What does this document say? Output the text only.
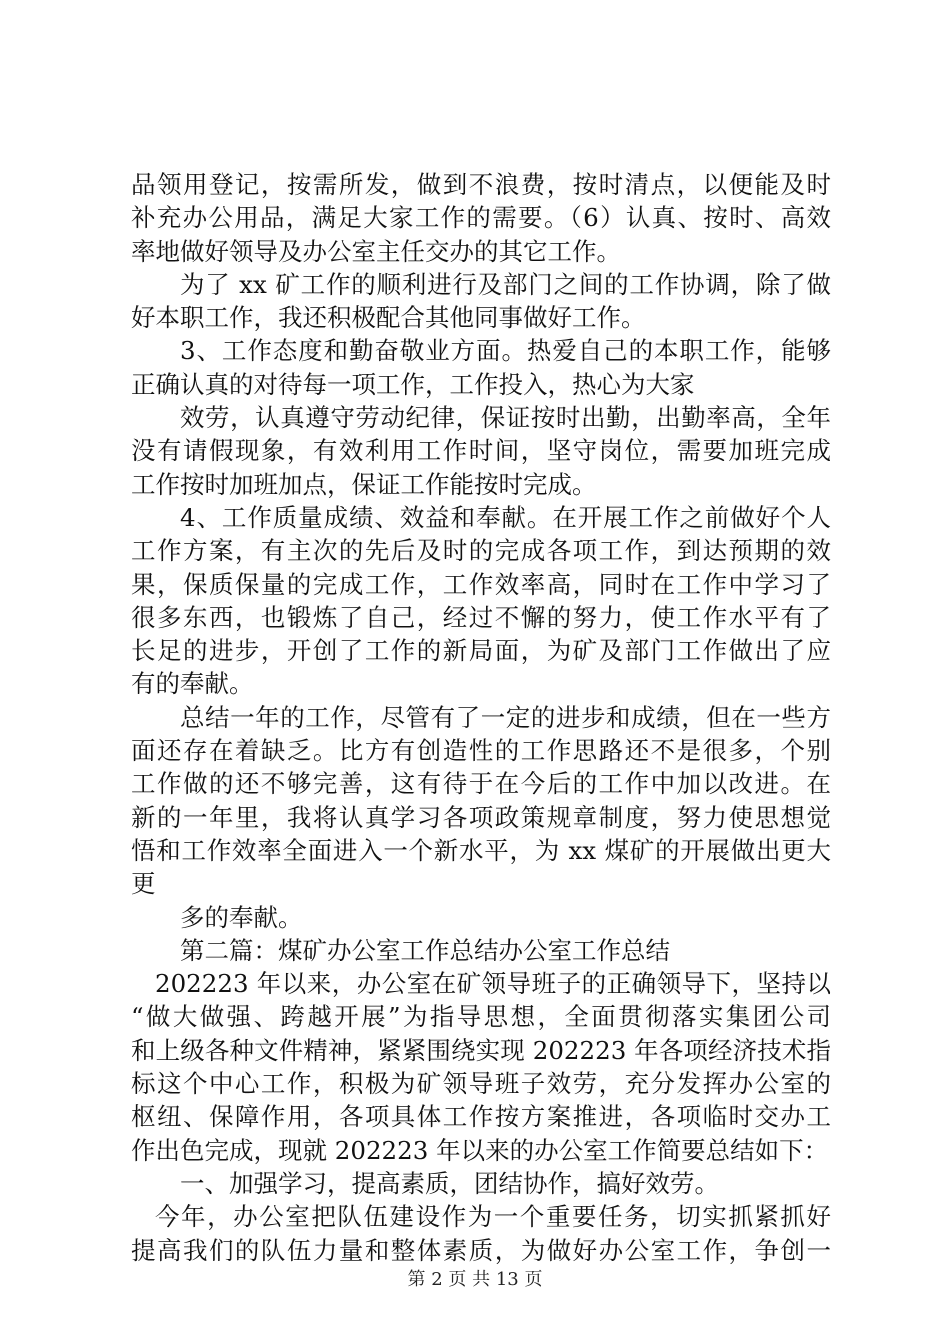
品领用登记，按需所发，做到不浪费，按时清点，以便能及时
补充办公用品，满足大家工作的需要。（6）认真、按时、高效
率地做好领导及办公室主任交办的其它工作。
为了 xx 矿工作的顺利进行及部门之间的工作协调，除了做
好本职工作，我还积极配合其他同事做好工作。
3、工作态度和勤奋敬业方面。热爱自己的本职工作，能够
正确认真的对待每一项工作，工作投入，热心为大家
效劳，认真遵守劳动纪律，保证按时出勤，出勤率高，全年
没有请假现象，有效利用工作时间，坚守岗位，需要加班完成
工作按时加班加点，保证工作能按时完成。
4、工作质量成绩、效益和奉献。在开展工作之前做好个人
工作方案，有主次的先后及时的完成各项工作，到达预期的效
果，保质保量的完成工作，工作效率高，同时在工作中学习了
很多东西，也锻炼了自己，经过不懈的努力，使工作水平有了
长足的进步，开创了工作的新局面，为矿及部门工作做出了应
有的奉献。
总结一年的工作，尽管有了一定的进步和成绩，但在一些方
面还存在着缺乏。比方有创造性的工作思路还不是很多，个别
工作做的还不够完善，这有待于在今后的工作中加以改进。在
新的一年里，我将认真学习各项政策规章制度，努力使思想觉
悟和工作效率全面进入一个新水平，为 xx 煤矿的开展做出更大
更
多的奉献。
第二篇：煤矿办公室工作总结办公室工作总结
202223 年以来，办公室在矿领导班子的正确领导下，坚持以
“做大做强、跨越开展”为指导思想，全面贯彻落实集团公司
和上级各种文件精神，紧紧围绕实现 202223 年各项经济技术指
标这个中心工作，积极为矿领导班子效劳，充分发挥办公室的
枢纽、保障作用，各项具体工作按方案推进，各项临时交办工
作出色完成，现就 202223 年以来的办公室工作简要总结如下：
一、加强学习，提高素质，团结协作，搞好效劳。
今年，办公室把队伍建设作为一个重要任务，切实抓紧抓好
提高我们的队伍力量和整体素质，为做好办公室工作，争创一
第 2 页 共 13 页
